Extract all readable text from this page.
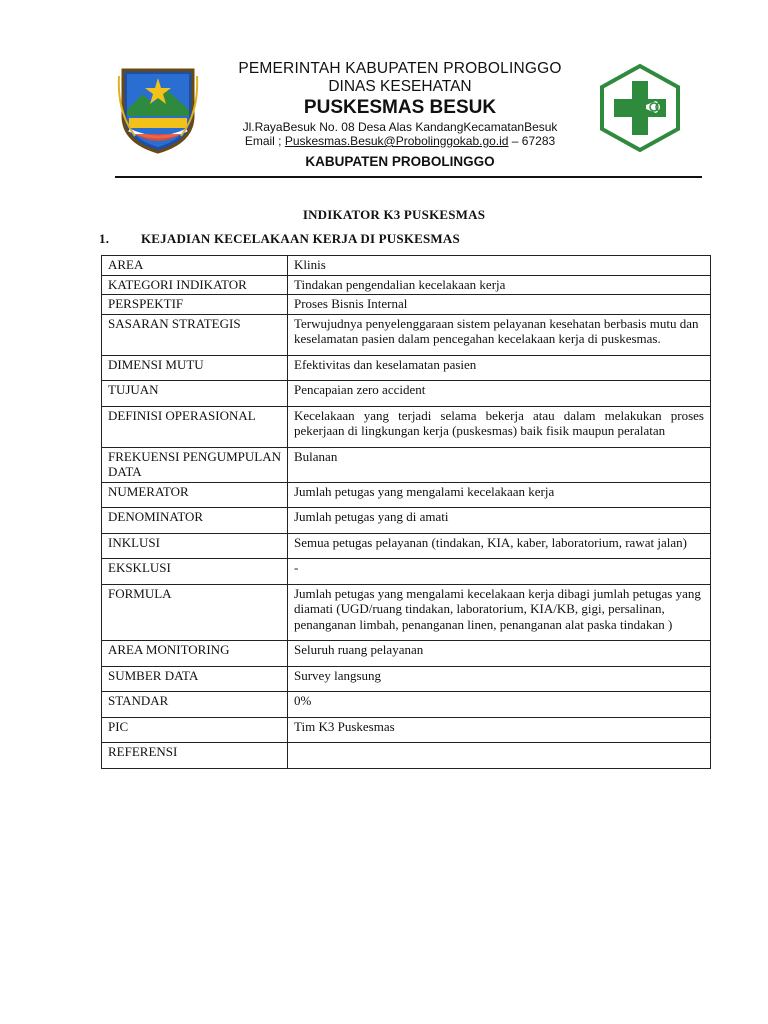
PEMERINTAH KABUPATEN PROBOLINGGO
DINAS KESEHATAN
PUSKESMAS BESUK
Jl.RayaBesuk No. 08 Desa Alas KandangKecamatanBesuk
Email ; Puskesmas.Besuk@Probolinggokab.go.id – 67283
KABUPATEN PROBOLINGGO
INDIKATOR K3 PUSKESMAS
1. KEJADIAN KECELAKAAN KERJA DI PUSKESMAS
AREA	Klinis
KATEGORI INDIKATOR	Tindakan pengendalian kecelakaan kerja
PERSPEKTIF	Proses Bisnis Internal
SASARAN STRATEGIS	Terwujudnya penyelenggaraan sistem pelayanan kesehatan berbasis mutu dan keselamatan pasien dalam pencegahan kecelakaan kerja di puskesmas.
DIMENSI MUTU	Efektivitas dan keselamatan pasien
TUJUAN	Pencapaian zero accident
DEFINISI OPERASIONAL	Kecelakaan yang terjadi selama bekerja atau dalam melakukan proses pekerjaan di lingkungan kerja (puskesmas) baik fisik maupun peralatan
FREKUENSI PENGUMPULAN DATA	Bulanan
NUMERATOR	Jumlah petugas yang mengalami kecelakaan kerja
DENOMINATOR	Jumlah petugas yang di amati
INKLUSI	Semua petugas pelayanan (tindakan, KIA, kaber, laboratorium, rawat jalan)
EKSKLUSI	-
FORMULA	Jumlah petugas yang mengalami kecelakaan kerja dibagi jumlah petugas yang diamati (UGD/ruang tindakan, laboratorium, KIA/KB, gigi, persalinan, penanganan limbah, penanganan linen, penanganan alat paska tindakan )
AREA MONITORING	Seluruh ruang pelayanan
SUMBER DATA	Survey langsung
STANDAR	0%
PIC	Tim K3 Puskesmas
REFERENSI	
